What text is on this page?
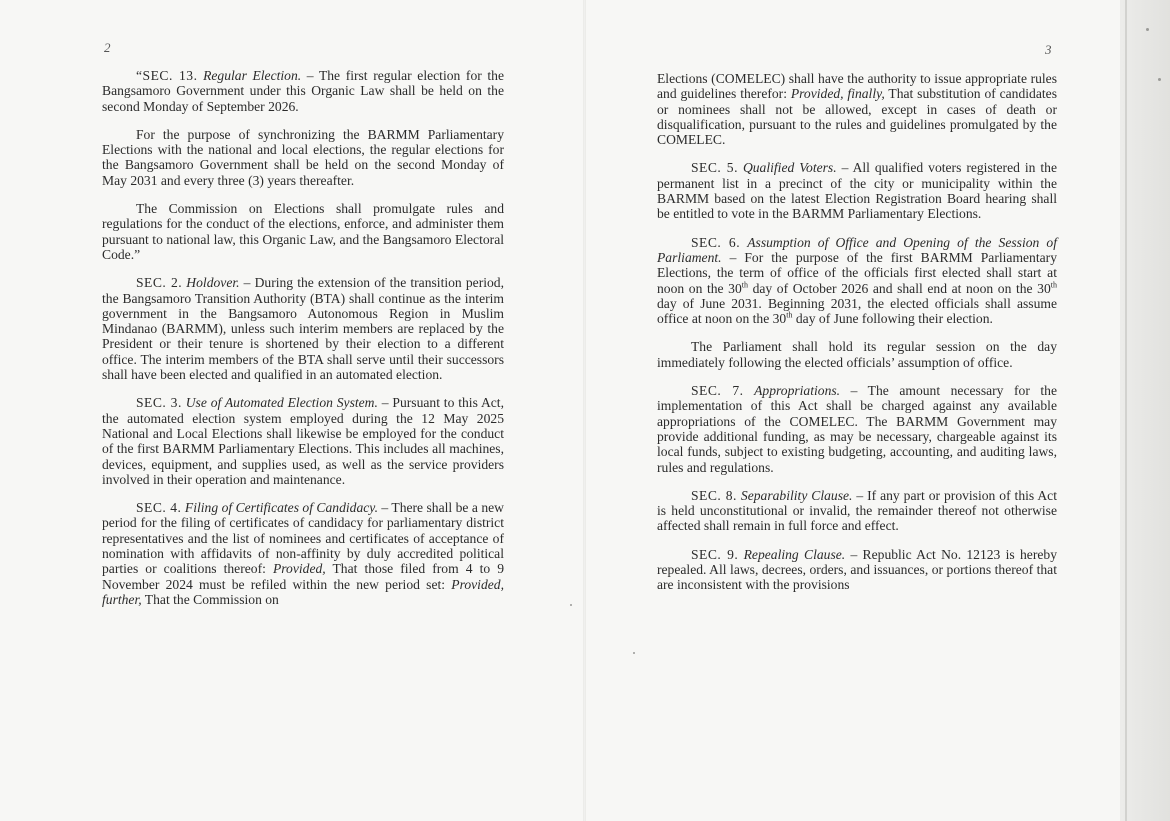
2	3

“SEC. 13. Regular Election. – The first regular election for the Bangsamoro Government under this Organic Law shall be held on the second Monday of September 2026.

For the purpose of synchronizing the BARMM Parliamentary Elections with the national and local elections, the regular elections for the Bangsamoro Government shall be held on the second Monday of May 2031 and every three (3) years thereafter.

The Commission on Elections shall promulgate rules and regulations for the conduct of the elections, enforce, and administer them pursuant to national law, this Organic Law, and the Bangsamoro Electoral Code.”

SEC. 2. Holdover. – During the extension of the transition period, the Bangsamoro Transition Authority (BTA) shall continue as the interim government in the Bangsamoro Autonomous Region in Muslim Mindanao (BARMM), unless such interim members are replaced by the President or their tenure is shortened by their election to a different office. The interim members of the BTA shall serve until their successors shall have been elected and qualified in an automated election.

SEC. 3. Use of Automated Election System. – Pursuant to this Act, the automated election system employed during the 12 May 2025 National and Local Elections shall likewise be employed for the conduct of the first BARMM Parliamentary Elections. This includes all machines, devices, equipment, and supplies used, as well as the service providers involved in their operation and maintenance.

SEC. 4. Filing of Certificates of Candidacy. – There shall be a new period for the filing of certificates of candidacy for parliamentary district representatives and the list of nominees and certificates of acceptance of nomination with affidavits of non-affinity by duly accredited political parties or coalitions thereof: Provided, That those filed from 4 to 9 November 2024 must be refiled within the new period set: Provided, further, That the Commission on

Elections (COMELEC) shall have the authority to issue appropriate rules and guidelines therefor: Provided, finally, That substitution of candidates or nominees shall not be allowed, except in cases of death or disqualification, pursuant to the rules and guidelines promulgated by the COMELEC.

SEC. 5. Qualified Voters. – All qualified voters registered in the permanent list in a precinct of the city or municipality within the BARMM based on the latest Election Registration Board hearing shall be entitled to vote in the BARMM Parliamentary Elections.

SEC. 6. Assumption of Office and Opening of the Session of Parliament. – For the purpose of the first BARMM Parliamentary Elections, the term of office of the officials first elected shall start at noon on the 30th day of October 2026 and shall end at noon on the 30th day of June 2031. Beginning 2031, the elected officials shall assume office at noon on the 30th day of June following their election.

The Parliament shall hold its regular session on the day immediately following the elected officials’ assumption of office.

SEC. 7. Appropriations. – The amount necessary for the implementation of this Act shall be charged against any available appropriations of the COMELEC. The BARMM Government may provide additional funding, as may be necessary, chargeable against its local funds, subject to existing budgeting, accounting, and auditing laws, rules and regulations.

SEC. 8. Separability Clause. – If any part or provision of this Act is held unconstitutional or invalid, the remainder thereof not otherwise affected shall remain in full force and effect.

SEC. 9. Repealing Clause. – Republic Act No. 12123 is hereby repealed. All laws, decrees, orders, and issuances, or portions thereof that are inconsistent with the provisions
